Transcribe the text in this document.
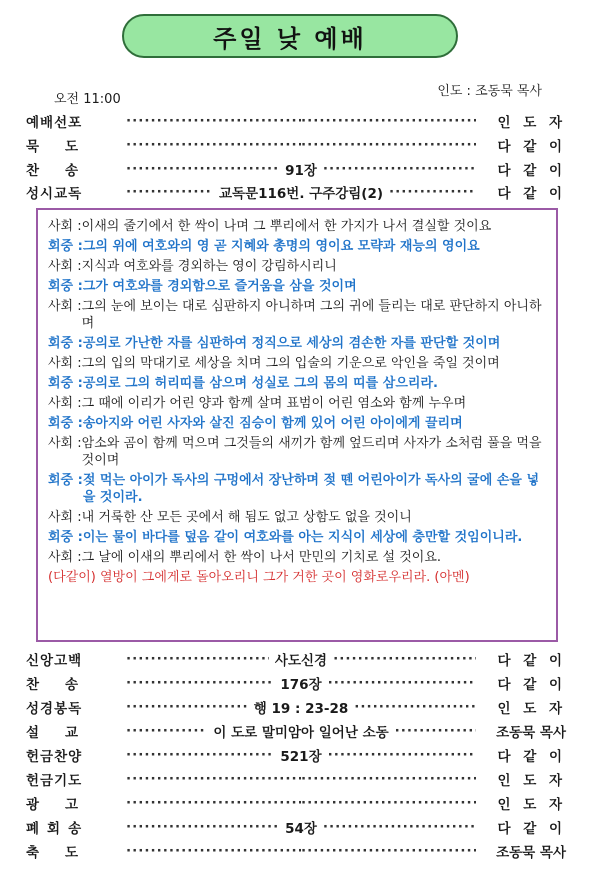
주일 낮 예배
오전 11:00
인도 : 조동묵 목사
예배선포 ····· ·····	인 도 자
묵도 ····· ·····	다 같 이
찬송 ·····	91장 ·····	다 같 이
성시교독 ·····	교독문116번. 구주강림(2) ·····	다 같 이
사회 : 이새의 줄기에서 한 싹이 나며 그 뿌리에서 한 가지가 나서 결실할 것이요
회중 : 그의 위에 여호와의 영 곧 지혜와 총명의 영이요 모략과 재능의 영이요
사회 : 지식과 여호와를 경외하는 영이 강림하시리니
회중 : 그가 여호와를 경외함으로 즐거움을 삼을 것이며
사회 : 그의 눈에 보이는 대로 심판하지 아니하며 그의 귀에 들리는 대로 판단하지 아니하며
회중 : 공의로 가난한 자를 심판하여 정직으로 세상의 겸손한 자를 판단할 것이며
사회 : 그의 입의 막대기로 세상을 치며 그의 입술의 기운으로 악인을 죽일 것이며
회중 : 공의로 그의 허리띠를 삼으며 성실로 그의 몸의 띠를 삼으리라.
사회 : 그 때에 이리가 어린 양과 함께 살며 표범이 어린 염소와 함께 누우며
회중 : 송아지와 어린 사자와 살진 짐승이 함께 있어 어린 아이에게 끌리며
사회 : 암소와 곰이 함께 먹으며 그것들의 새끼가 함께 엎드리며 사자가 소처럼 풀을 먹을 것이며
회중 : 젖 먹는 아이가 독사의 구멍에서 장난하며 젖 뗀 어린아이가 독사의 굴에 손을 넣을 것이라.
사회 : 내 거룩한 산 모든 곳에서 해 됨도 없고 상함도 없을 것이니
회중 : 이는 물이 바다를 덮음 같이 여호와를 아는 지식이 세상에 충만할 것임이니라.
사회 : 그 날에 이새의 뿌리에서 한 싹이 나서 만민의 기치로 설 것이요.
(다같이) 열방이 그에게로 돌아오리니 그가 거한 곳이 영화로우리라. (아멘)
신앙고백 ·····	사도신경 ·····	다 같 이
찬송 ·····	176장 ·····	다 같 이
성경봉독 ·····	행 19 : 23-28 ·····	인 도 자
설교 ·····	이 도로 말미암아 일어난 소동 ·····	조동묵 목사
헌금찬양 ·····	521장 ·····	다 같 이
헌금기도 ····· ·····	인 도 자
광고 ····· ·····	인 도 자
폐회송 ·····	54장 ·····	다 같 이
축도 ····· ·····	조동묵 목사
